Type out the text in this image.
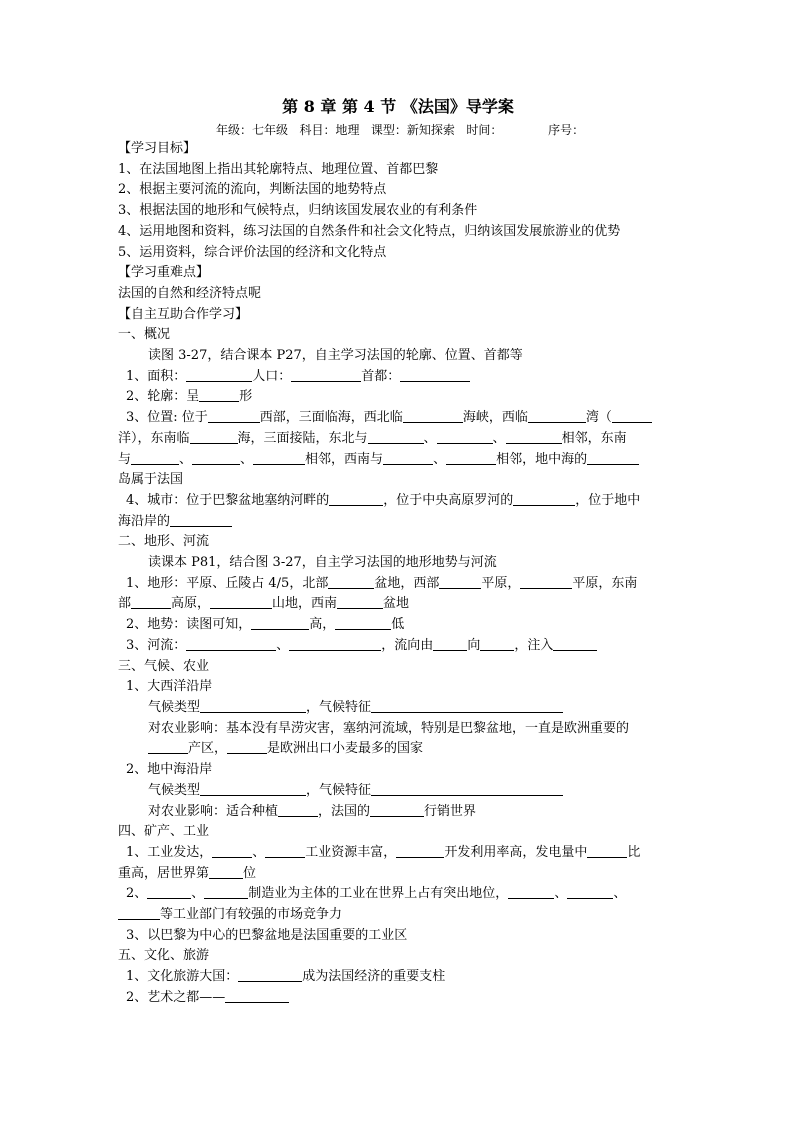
第 8 章 第 4 节 《法国》导学案
年级：七年级   科目：地理   课型：新知探索   时间：            序号：
【学习目标】
1、在法国地图上指出其轮廓特点、地理位置、首都巴黎
2、根据主要河流的流向，判断法国的地势特点
3、根据法国的地形和气候特点，归纳该国发展农业的有利条件
4、运用地图和资料，练习法国的自然条件和社会文化特点，归纳该国发展旅游业的优势
5、运用资料，综合评价法国的经济和文化特点
【学习重难点】
法国的自然和经济特点呢
【自主互助合作学习】
一、概况
读图 3-27，结合课本 P27，自主学习法国的轮廓、位置、首都等
1、面积：	人口：	首都：
2、轮廓：呈	形
3、位置: 位于	西部，三面临海，西北临	海峡，西临	湾（
洋），东南临	海，三面接陆，东北与	、	、	相邻，东南
与	、	、	相邻，西南与	、	相邻，地中海的
岛属于法国
4、城市：位于巴黎盆地塞纳河畔的	，位于中央高原罗河的	，位于地中
海沿岸的
二、地形、河流
读课本 P81，结合图 3-27，自主学习法国的地形地势与河流
1、地形：平原、丘陵占 4/5，北部	盆地，西部	平原，	平原，东南
部	高原，	山地，西南	盆地
2、地势：读图可知，	高，	低
3、河流：	、	，流向由	向	，注入
三、气候、农业
1、大西洋沿岸
气候类型	，气候特征
对农业影响：基本没有旱涝灾害，塞纳河流域，特别是巴黎盆地，一直是欧洲重要的
产区，	是欧洲出口小麦最多的国家
2、地中海沿岸
气候类型	，气候特征
对农业影响：适合种植	，法国的	行销世界
四、矿产、工业
1、工业发达，	、	工业资源丰富，	开发利用率高，发电量中	比
重高，居世界第	位
2、	、	制造业为主体的工业在世界上占有突出地位，	、	、
等工业部门有较强的市场竞争力
3、以巴黎为中心的巴黎盆地是法国重要的工业区
五、文化、旅游
1、文化旅游大国：	成为法国经济的重要支柱
2、艺术之都——
